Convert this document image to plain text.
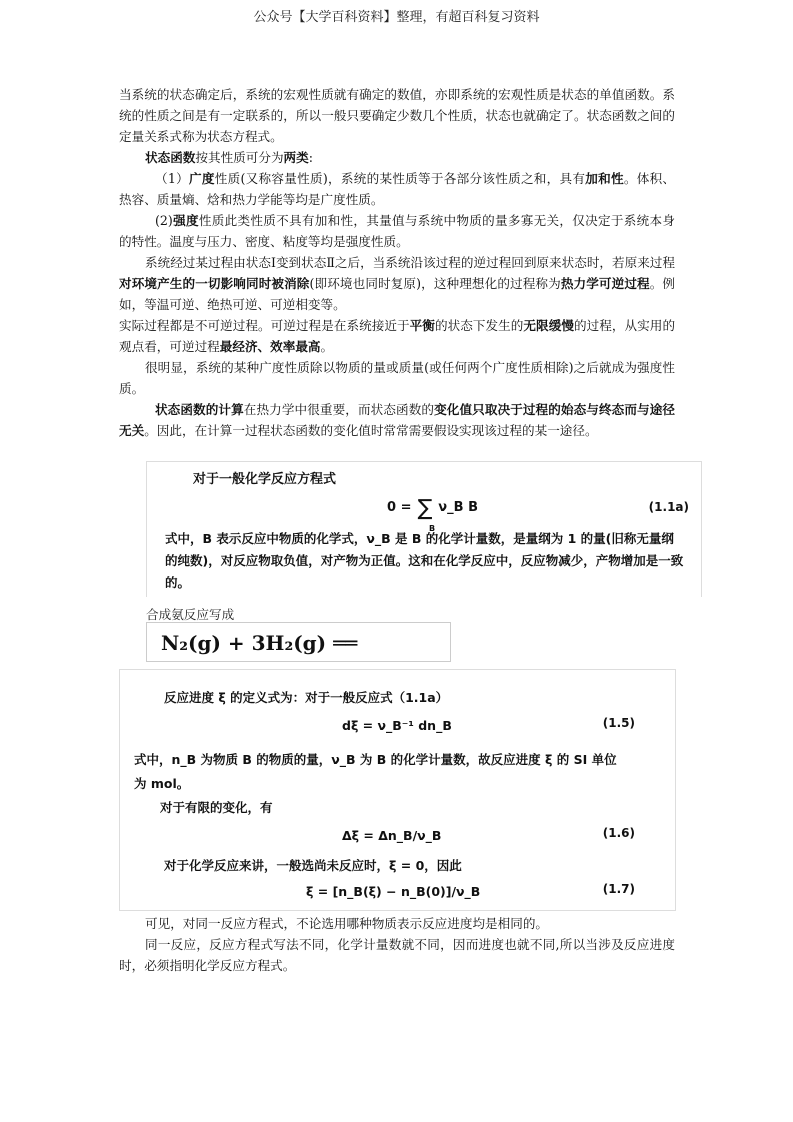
公众号【大学百科资料】整理，有超百科复习资料

当系统的状态确定后，系统的宏观性质就有确定的数值，亦即系统的宏观性质是状态的单值函数。系统的性质之间是有一定联系的，所以一般只要确定少数几个性质，状态也就确定了。状态函数之间的定量关系式称为状态方程式。

状态函数按其性质可分为两类:

（1）广度性质(又称容量性质)，系统的某性质等于各部分该性质之和，具有加和性。体积、热容、质量熵、焓和热力学能等均是广度性质。

(2)强度性质此类性质不具有加和性，其量值与系统中物质的量多寡无关，仅决定于系统本身的特性。温度与压力、密度、粘度等均是强度性质。

系统经过某过程由状态Ⅰ变到状态Ⅱ之后，当系统沿该过程的逆过程回到原来状态时，若原来过程对环境产生的一切影响同时被消除(即环境也同时复原)，这种理想化的过程称为热力学可逆过程。例如，等温可逆、绝热可逆、可逆相变等。

实际过程都是不可逆过程。可逆过程是在系统接近于平衡的状态下发生的无限缓慢的过程，从实用的观点看，可逆过程最经济、效率最高。

很明显，系统的某种广度性质除以物质的量或质量(或任何两个广度性质相除)之后就成为强度性质。

状态函数的计算在热力学中很重要，而状态函数的变化值只取决于过程的始态与终态而与途径无关。因此，在计算一过程状态函数的变化值时常常需要假设实现该过程的某一途径。

对于一般化学反应方程式
0 = ∑
B
ν_B B	(1.1a)
式中，B 表示反应中物质的化学式，ν_B 是 B 的化学计量数，是量纲为 1 的量(旧称无量纲的纯数)，对反应物取负值，对产物为正值。这和在化学反应中，反应物减少，产物增加是一致的。
合成氨反应写成
N₂(g) + 3H₂(g) ══
反应进度 ξ 的定义式为：对于一般反应式（1.1a）
dξ = ν_B⁻¹ dn_B	(1.5)
式中，n_B 为物质 B 的物质的量，ν_B 为 B 的化学计量数，故反应进度 ξ 的 SI 单位
为 mol。
对于有限的变化，有
Δξ = Δn_B/ν_B	(1.6)
对于化学反应来讲，一般选尚未反应时，ξ = 0，因此
ξ = [n_B(ξ) − n_B(0)]/ν_B	(1.7)

可见，对同一反应方程式，不论选用哪种物质表示反应进度均是相同的。

同一反应，反应方程式写法不同，化学计量数就不同，因而进度也就不同,所以当涉及反应进度时，必须指明化学反应方程式。
